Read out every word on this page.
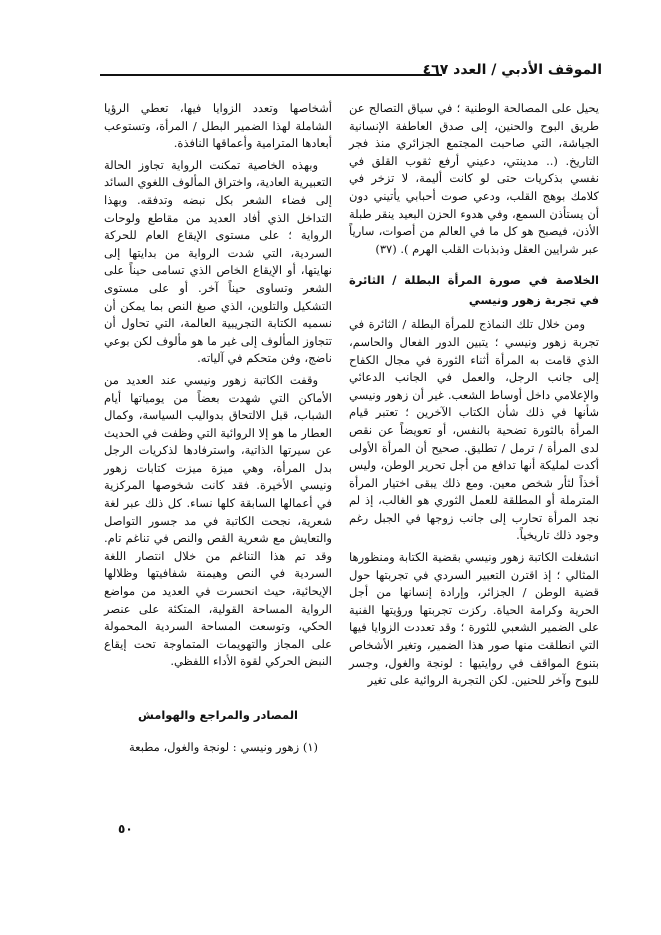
الموقف الأدبي / العدد ٤٦٧

يحيل على المصالحة الوطنية ؛ في سياق التصالح عن طريق البوح والحنين، إلى صدق العاطفة الإنسانية الجياشة، التي صاحبت المجتمع الجزائري منذ فجر التاريخ. (.. مدينتي، دعيني أرفع ثقوب القلق في نفسي بذكريات حتى لو كانت أليمة، لا تزخر في كلامك بوهج القلب، ودعي صوت أحبابي يأتيني دون أن يستأذن السمع، وفي هدوء الحزن البعيد ينقر طبلة الأذن، فيصبح هو كل ما في العالم من أصوات، سارياً عبر شرايين العقل وذبذبات القلب الهرم ). (٣٧)

الخلاصة في صورة المرأة البطلة / الثائرة في تجربة زهور ونيسي

ومن خلال تلك النماذج للمرأة البطلة / الثائرة في تجربة زهور ونيسي ؛ يتبين الدور الفعال والحاسم، الذي قامت به المرأة أثناء الثورة في مجال الكفاح إلى جانب الرجل، والعمل في الجانب الدعائي والإعلامي داخل أوساط الشعب. غير أن زهور ونيسي شأنها في ذلك شأن الكتاب الآخرين ؛ تعتبر قيام المرأة بالثورة تضحية بالنفس، أو تعويضاً عن نقص لدى المرأة / ترمل / تطليق. صحيح أن المرأة الأولى أكدت لمليكة أنها تدافع من أجل تحرير الوطن، وليس أخذاً لثأر شخص معين. ومع ذلك يبقى اختيار المرأة المترملة أو المطلقة للعمل الثوري هو الغالب، إذ لم نجد المرأة تحارب إلى جانب زوجها في الجبل رغم وجود ذلك تاريخياً.

انشغلت الكاتبة زهور ونيسي بقضية الكتابة ومنظورها المثالي ؛ إذ اقترن التعبير السردي في تجربتها حول قضية الوطن / الجزائر، وإرادة إنسانها من أجل الحرية وكرامة الحياة. ركزت تجربتها ورؤيتها الفنية على الضمير الشعبي للثورة ؛ وقد تعددت الزوايا فيها التي انطلقت منها صور هذا الضمير، وتغير الأشخاص بتنوع المواقف في روايتيها : لونجة والغول، وجسر للبوح وآخر للحنين. لكن التجربة الروائية على تغير

أشخاصها وتعدد الزوايا فيها، تعطي الرؤيا الشاملة لهذا الضمير البطل / المرأة، وتستوعب أبعادها المترامية وأعماقها النافذة.

وبهذه الخاصية تمكنت الرواية تجاوز الحالة التعبيرية العادية، واختراق المألوف اللغوي السائد إلى فضاء الشعر بكل نبضه وتدفقه. وبهذا التداخل الذي أفاد العديد من مقاطع ولوحات الرواية ؛ على مستوى الإيقاع العام للحركة السردية، التي شدت الرواية من بدايتها إلى نهايتها، أو الإيقاع الخاص الذي تسامى حيناً على الشعر وتساوى حيناً آخر. أو على مستوى التشكيل والتلوين، الذي صبغ النص بما يمكن أن نسميه الكتابة التجريبية العالمة، التي تحاول أن تتجاوز المألوف إلى غير ما هو مألوف لكن بوعي ناضج، وفن متحكم في آلياته.

وقفت الكاتبة زهور ونيسي عند العديد من الأماكن التي شهدت بعضاً من يومياتها أيام الشباب، قبل الالتحاق بدواليب السياسة، وكمال العطار ما هو إلا الروائية التي وظفت في الحديث عن سيرتها الذاتية، واسترفادها لذكريات الرجل بدل المرأة، وهي ميزة ميزت كتابات زهور ونيسي الأخيرة. فقد كانت شخوصها المركزية في أعمالها السابقة كلها نساء. كل ذلك عبر لغة شعرية، نجحت الكاتبة في مد جسور التواصل والتعايش مع شعرية القص والنص في تناغم تام. وقد تم هذا التناغم من خلال انتصار اللغة السردية في النص وهيمنة شفافيتها وظلالها الإيحائية، حيث انحسرت في العديد من مواضع الرواية المساحة القولية، المتكئة على عنصر الحكي، وتوسعت المساحة السردية المحمولة على المجاز والتهويمات المتماوجة تحت إيقاع النبض الحركي لقوة الأداء اللفظي.

المصادر والمراجع والهوامش

(١) زهور ونيسي : لونجة والغول، مطبعة

٥٠
